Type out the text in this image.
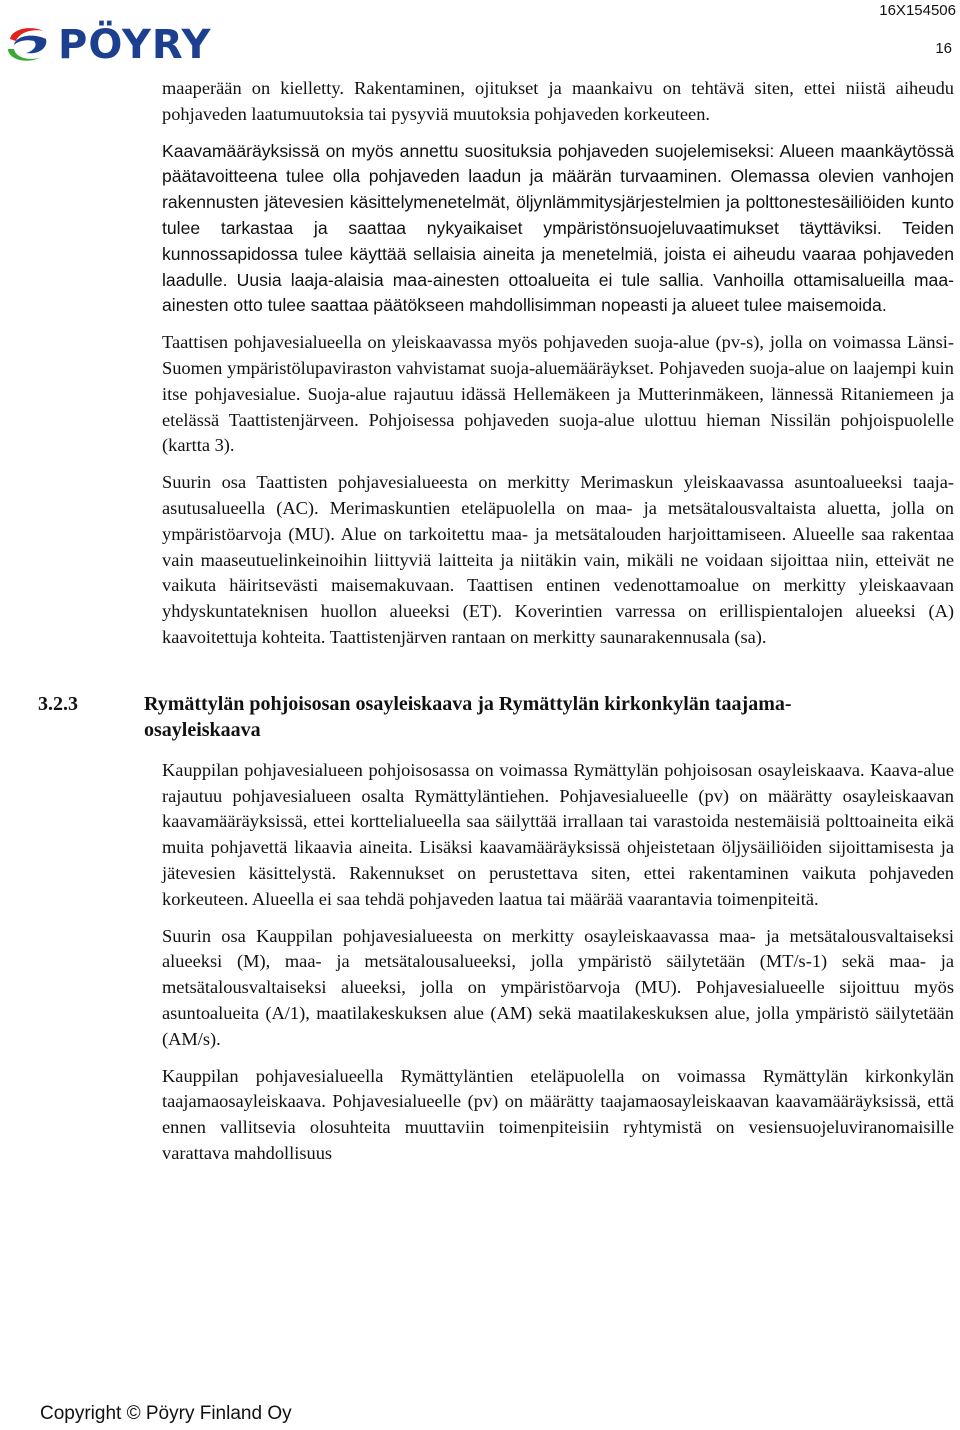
PÖYRY
16X154506
16

maaperään on kielletty. Rakentaminen, ojitukset ja maankaivu on tehtävä siten, ettei niistä aiheudu pohjaveden laatumuutoksia tai pysyviä muutoksia pohjaveden korkeuteen.

Kaavamääräyksissä on myös annettu suosituksia pohjaveden suojelemiseksi: Alueen maankäytössä päätavoitteena tulee olla pohjaveden laadun ja määrän turvaaminen. Olemassa olevien vanhojen rakennusten jätevesien käsittelymenetelmät, öljynlämmitysjärjestelmien ja polttonestesäiliöiden kunto tulee tarkastaa ja saattaa nykyaikaiset ympäristönsuojeluvaatimukset täyttäviksi. Teiden kunnossapidossa tulee käyttää sellaisia aineita ja menetelmiä, joista ei aiheudu vaaraa pohjaveden laadulle. Uusia laaja-alaisia maa-ainesten ottoalueita ei tule sallia. Vanhoilla ottamisalueilla maa-ainesten otto tulee saattaa päätökseen mahdollisimman nopeasti ja alueet tulee maisemoida.

Taattisen pohjavesialueella on yleiskaavassa myös pohjaveden suoja-alue (pv-s), jolla on voimassa Länsi-Suomen ympäristölupaviraston vahvistamat suoja-aluemääräykset. Pohjaveden suoja-alue on laajempi kuin itse pohjavesialue. Suoja-alue rajautuu idässä Hellemäkeen ja Mutterinmäkeen, lännessä Ritaniemeen ja etelässä Taattistenjärveen. Pohjoisessa pohjaveden suoja-alue ulottuu hieman Nissilän pohjoispuolelle (kartta 3).

Suurin osa Taattisten pohjavesialueesta on merkitty Merimaskun yleiskaavassa asuntoalueeksi taaja-asutusalueella (AC). Merimaskuntien eteläpuolella on maa- ja metsätalousvaltaista aluetta, jolla on ympäristöarvoja (MU). Alue on tarkoitettu maa- ja metsätalouden harjoittamiseen. Alueelle saa rakentaa vain maaseutuelinkeinoihin liittyviä laitteita ja niitäkin vain, mikäli ne voidaan sijoittaa niin, etteivät ne vaikuta häiritsevästi maisemakuvaan. Taattisen entinen vedenottamoalue on merkitty yleiskaavaan yhdyskuntateknisen huollon alueeksi (ET). Koverintien varressa on erillispientalojen alueeksi (A) kaavoitettuja kohteita. Taattistenjärven rantaan on merkitty saunarakennusala (sa).

3.2.3	Rymättylän pohjoisosan osayleiskaava ja Rymättylän kirkonkylän taajama-osayleiskaava

Kauppilan pohjavesialueen pohjoisosassa on voimassa Rymättylän pohjoisosan osayleiskaava. Kaava-alue rajautuu pohjavesialueen osalta Rymättyläntiehen. Pohjavesialueelle (pv) on määrätty osayleiskaavan kaavamääräyksissä, ettei korttelialueella saa säilyttää irrallaan tai varastoida nestemäisiä polttoaineita eikä muita pohjavettä likaavia aineita. Lisäksi kaavamääräyksissä ohjeistetaan öljysäiliöiden sijoittamisesta ja jätevesien käsittelystä. Rakennukset on perustettava siten, ettei rakentaminen vaikuta pohjaveden korkeuteen. Alueella ei saa tehdä pohjaveden laatua tai määrää vaarantavia toimenpiteitä.

Suurin osa Kauppilan pohjavesialueesta on merkitty osayleiskaavassa maa- ja metsätalousvaltaiseksi alueeksi (M), maa- ja metsätalousalueeksi, jolla ympäristö säilytetään (MT/s-1) sekä maa- ja metsätalousvaltaiseksi alueeksi, jolla on ympäristöarvoja (MU). Pohjavesialueelle sijoittuu myös asuntoalueita (A/1), maatilakeskuksen alue (AM) sekä maatilakeskuksen alue, jolla ympäristö säilytetään (AM/s).

Kauppilan pohjavesialueella Rymättyläntien eteläpuolella on voimassa Rymättylän kirkonkylän taajamaosayleiskaava. Pohjavesialueelle (pv) on määrätty taajamaosayleiskaavan kaavamääräyksissä, että ennen vallitsevia olosuhteita muuttaviin toimenpiteisiin ryhtymistä on vesiensuojeluviranomaisille varattava mahdollisuus

Copyright © Pöyry Finland Oy
